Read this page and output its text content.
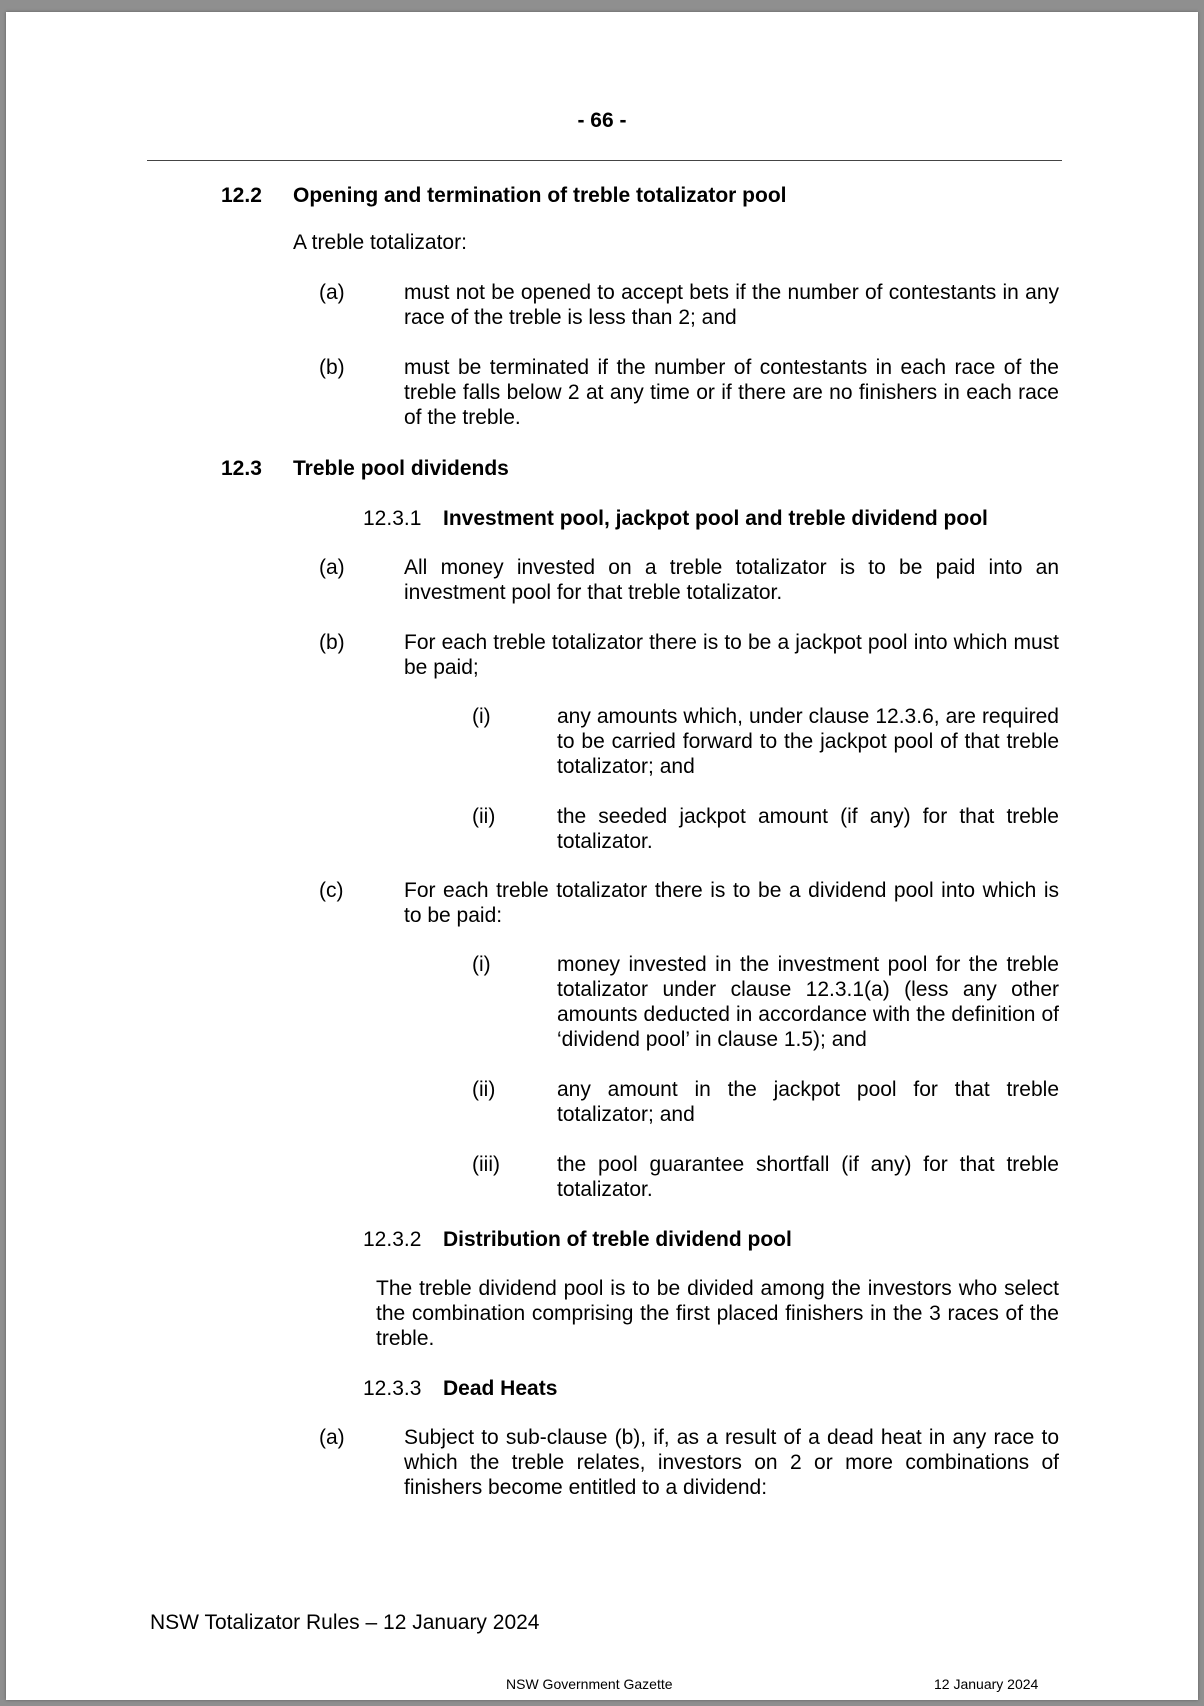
- 66 -
12.2 Opening and termination of treble totalizator pool
A treble totalizator:
(a)	must not be opened to accept bets if the number of contestants in any race of the treble is less than 2; and
(b)	must be terminated if the number of contestants in each race of the treble falls below 2 at any time or if there are no finishers in each race of the treble.
12.3 Treble pool dividends
12.3.1 Investment pool, jackpot pool and treble dividend pool
(a)	All money invested on a treble totalizator is to be paid into an investment pool for that treble totalizator.
(b)	For each treble totalizator there is to be a jackpot pool into which must be paid;
(i)	any amounts which, under clause 12.3.6, are required to be carried forward to the jackpot pool of that treble totalizator; and
(ii)	the seeded jackpot amount (if any) for that treble totalizator.
(c)	For each treble totalizator there is to be a dividend pool into which is to be paid:
(i)	money invested in the investment pool for the treble totalizator under clause 12.3.1(a) (less any other amounts deducted in accordance with the definition of ‘dividend pool’ in clause 1.5); and
(ii)	any amount in the jackpot pool for that treble totalizator; and
(iii)	the pool guarantee shortfall (if any) for that treble totalizator.
12.3.2 Distribution of treble dividend pool
The treble dividend pool is to be divided among the investors who select the combination comprising the first placed finishers in the 3 races of the treble.
12.3.3 Dead Heats
(a)	Subject to sub-clause (b), if, as a result of a dead heat in any race to which the treble relates, investors on 2 or more combinations of finishers become entitled to a dividend:
NSW Totalizator Rules – 12 January 2024
NSW Government Gazette	12 January 2024
